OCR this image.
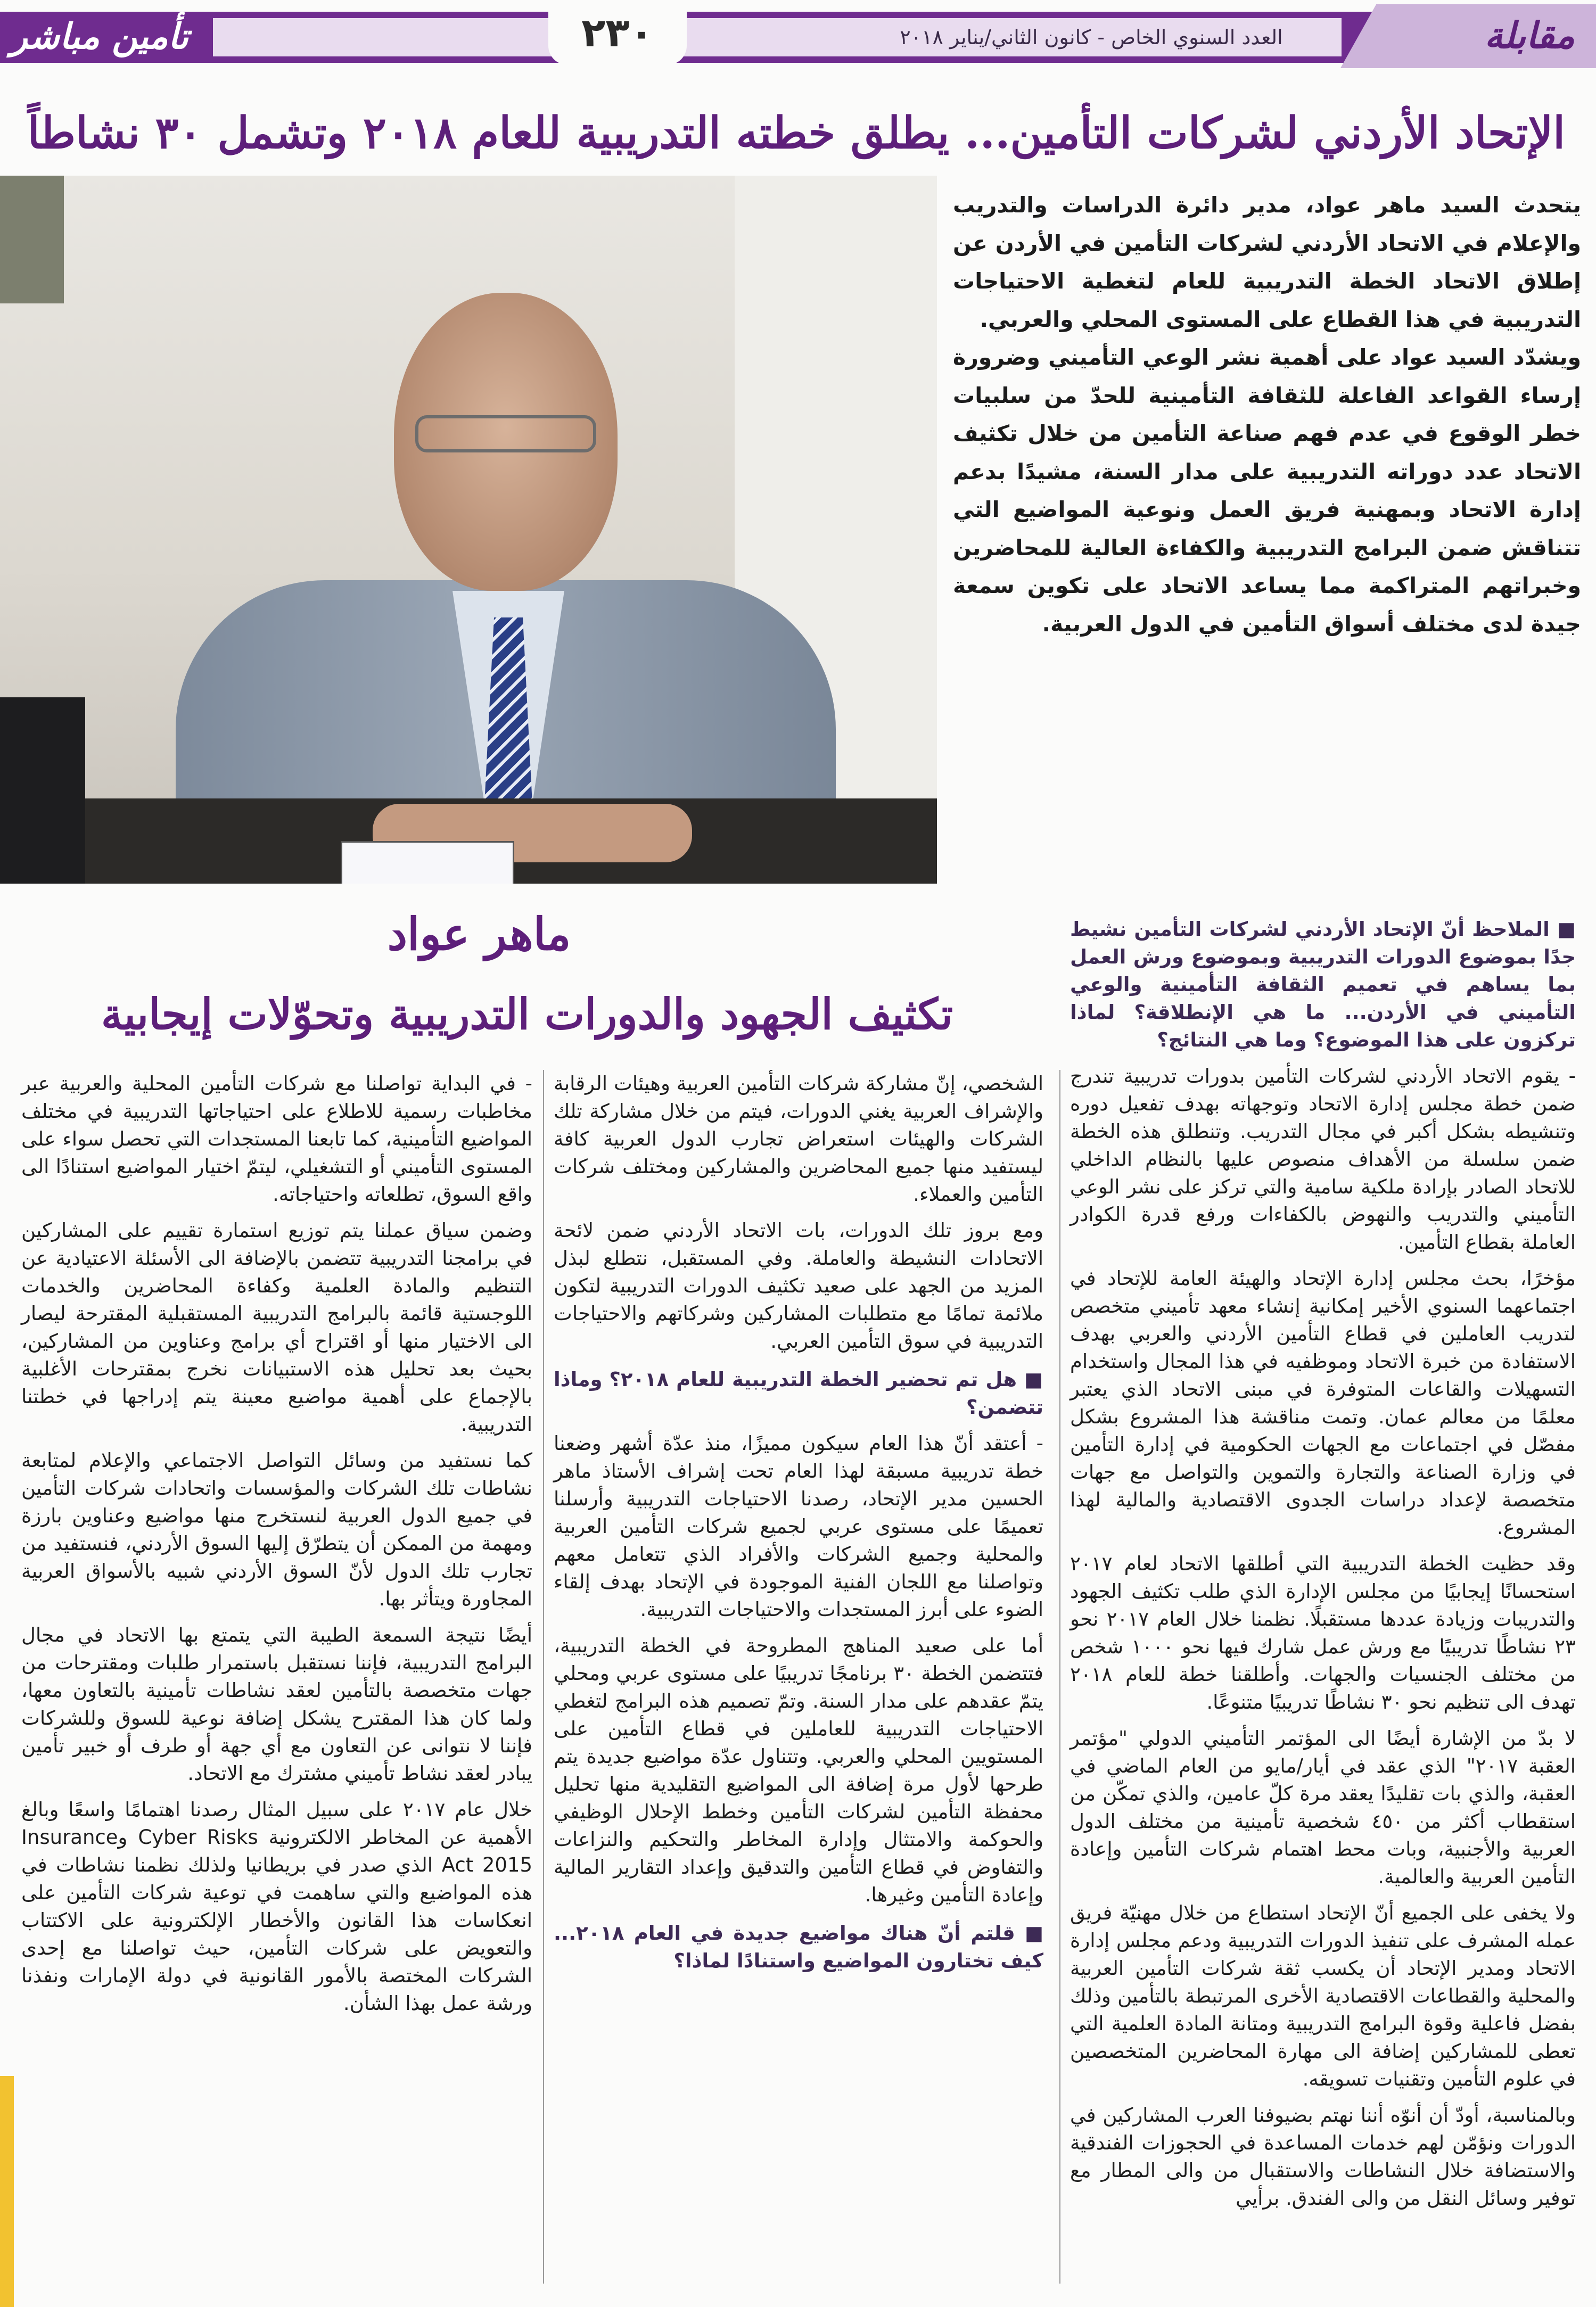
مقابلة
العدد السنوي الخاص - كانون الثاني/يناير ٢٠١٨
٢٣٠
تأمين مباشر
الإتحاد الأردني لشركات التأمين... يطلق خطته التدريبية للعام ٢٠١٨ وتشمل ٣٠ نشاطاً

يتحدث السيد ماهر عواد، مدير دائرة الدراسات والتدريب والإعلام في الاتحاد الأردني لشركات التأمين في الأردن عن إطلاق الاتحاد الخطة التدريبية للعام لتغطية الاحتياجات التدريبية في هذا القطاع على المستوى المحلي والعربي.

ويشدّد السيد عواد على أهمية نشر الوعي التأميني وضرورة إرساء القواعد الفاعلة للثقافة التأمينية للحدّ من سلبيات خطر الوقوع في عدم فهم صناعة التأمين من خلال تكثيف الاتحاد عدد دوراته التدريبية على مدار السنة، مشيدًا بدعم إدارة الاتحاد وبمهنية فريق العمل ونوعية المواضيع التي تتناقش ضمن البرامج التدريبية والكفاءة العالية للمحاضرين وخبراتهم المتراكمة مما يساعد الاتحاد على تكوين سمعة جيدة لدى مختلف أسواق التأمين في الدول العربية.

ماهر عواد
تكثيف الجهود والدورات التدريبية وتحوّلات إيجابية

■ الملاحظ أنّ الإتحاد الأردني لشركات التأمين نشيط جدًا بموضوع الدورات التدريبية وبموضوع ورش العمل بما يساهم في تعميم الثقافة التأمينية والوعي التأميني في الأردن... ما هي الإنطلاقة؟ لماذا تركزون على هذا الموضوع؟ وما هي النتائج؟

- يقوم الاتحاد الأردني لشركات التأمين بدورات تدريبية تندرج ضمن خطة مجلس إدارة الاتحاد وتوجهاته بهدف تفعيل دوره وتنشيطه بشكل أكبر في مجال التدريب. وتنطلق هذه الخطة ضمن سلسلة من الأهداف منصوص عليها بالنظام الداخلي للاتحاد الصادر بإرادة ملكية سامية والتي تركز على نشر الوعي التأميني والتدريب والنهوض بالكفاءات ورفع قدرة الكوادر العاملة بقطاع التأمين.

مؤخرًا، بحث مجلس إدارة الإتحاد والهيئة العامة للإتحاد في اجتماعهما السنوي الأخير إمكانية إنشاء معهد تأميني متخصص لتدريب العاملين في قطاع التأمين الأردني والعربي بهدف الاستفادة من خبرة الاتحاد وموظفيه في هذا المجال واستخدام التسهيلات والقاعات المتوفرة في مبنى الاتحاد الذي يعتبر معلمًا من معالم عمان. وتمت مناقشة هذا المشروع بشكل مفصّل في اجتماعات مع الجهات الحكومية في إدارة التأمين في وزارة الصناعة والتجارة والتموين والتواصل مع جهات متخصصة لإعداد دراسات الجدوى الاقتصادية والمالية لهذا المشروع.

وقد حظيت الخطة التدريبية التي أطلقها الاتحاد لعام ٢٠١٧ استحسانًا إيجابيًا من مجلس الإدارة الذي طلب تكثيف الجهود والتدريبات وزيادة عددها مستقبلًا. نظمنا خلال العام ٢٠١٧ نحو ٢٣ نشاطًا تدريبيًا مع ورش عمل شارك فيها نحو ١٠٠٠ شخص من مختلف الجنسيات والجهات. وأطلقنا خطة للعام ٢٠١٨ تهدف الى تنظيم نحو ٣٠ نشاطًا تدريبيًا متنوعًا.

لا بدّ من الإشارة أيضًا الى المؤتمر التأميني الدولي "مؤتمر العقبة ٢٠١٧" الذي عقد في أيار/مايو من العام الماضي في العقبة، والذي بات تقليدًا يعقد مرة كلّ عامين، والذي تمكّن من استقطاب أكثر من ٤٥٠ شخصية تأمينية من مختلف الدول العربية والأجنبية، وبات محط اهتمام شركات التأمين وإعادة التأمين العربية والعالمية.

ولا يخفى على الجميع أنّ الإتحاد استطاع من خلال مهنيّة فريق عمله المشرف على تنفيذ الدورات التدريبية ودعم مجلس إدارة الاتحاد ومدير الإتحاد أن يكسب ثقة شركات التأمين العربية والمحلية والقطاعات الاقتصادية الأخرى المرتبطة بالتأمين وذلك بفضل فاعلية وقوة البرامج التدريبية ومتانة المادة العلمية التي تعطى للمشاركين إضافة الى مهارة المحاضرين المتخصصين في علوم التأمين وتقنيات تسويقه.

وبالمناسبة، أودّ أن أنوّه أننا نهتم بضيوفنا العرب المشاركين في الدورات ونؤمّن لهم خدمات المساعدة في الحجوزات الفندقية والاستضافة خلال النشاطات والاستقبال من والى المطار مع توفير وسائل النقل من والى الفندق. برأيي

الشخصي، إنّ مشاركة شركات التأمين العربية وهيئات الرقابة والإشراف العربية يغني الدورات، فيتم من خلال مشاركة تلك الشركات والهيئات استعراض تجارب الدول العربية كافة ليستفيد منها جميع المحاضرين والمشاركين ومختلف شركات التأمين والعملاء.

ومع بروز تلك الدورات، بات الاتحاد الأردني ضمن لائحة الاتحادات النشيطة والعاملة. وفي المستقبل، نتطلع لبذل المزيد من الجهد على صعيد تكثيف الدورات التدريبية لتكون ملائمة تمامًا مع متطلبات المشاركين وشركاتهم والاحتياجات التدريبية في سوق التأمين العربي.

■ هل تم تحضير الخطة التدريبية للعام ٢٠١٨؟ وماذا تتضمن؟

- أعتقد أنّ هذا العام سيكون مميزًا، منذ عدّة أشهر وضعنا خطة تدريبية مسبقة لهذا العام تحت إشراف الأستاذ ماهر الحسين مدير الإتحاد، رصدنا الاحتياجات التدريبية وأرسلنا تعميمًا على مستوى عربي لجميع شركات التأمين العربية والمحلية وجميع الشركات والأفراد الذي تتعامل معهم وتواصلنا مع اللجان الفنية الموجودة في الإتحاد بهدف إلقاء الضوء على أبرز المستجدات والاحتياجات التدريبية.

أما على صعيد المناهج المطروحة في الخطة التدريبية، فتتضمن الخطة ٣٠ برنامجًا تدريبيًا على مستوى عربي ومحلي يتمّ عقدهم على مدار السنة. وتمّ تصميم هذه البرامج لتغطي الاحتياجات التدريبية للعاملين في قطاع التأمين على المستويين المحلي والعربي. وتتناول عدّة مواضيع جديدة يتم طرحها لأول مرة إضافة الى المواضيع التقليدية منها تحليل محفظة التأمين لشركات التأمين وخطط الإحلال الوظيفي والحوكمة والامتثال وإدارة المخاطر والتحكيم والنزاعات والتفاوض في قطاع التأمين والتدقيق وإعداد التقارير المالية وإعادة التأمين وغيرها.

■ قلتم أنّ هناك مواضيع جديدة في العام ٢٠١٨... كيف تختارون المواضيع واستنادًا لماذا؟

- في البداية تواصلنا مع شركات التأمين المحلية والعربية عبر مخاطبات رسمية للاطلاع على احتياجاتها التدريبية في مختلف المواضيع التأمينية، كما تابعنا المستجدات التي تحصل سواء على المستوى التأميني أو التشغيلي، ليتمّ اختيار المواضيع استنادًا الى واقع السوق، تطلعاته واحتياجاته.

وضمن سياق عملنا يتم توزيع استمارة تقييم على المشاركين في برامجنا التدريبية تتضمن بالإضافة الى الأسئلة الاعتيادية عن التنظيم والمادة العلمية وكفاءة المحاضرين والخدمات اللوجستية قائمة بالبرامج التدريبية المستقبلية المقترحة ليصار الى الاختيار منها أو اقتراح أي برامج وعناوين من المشاركين، بحيث بعد تحليل هذه الاستبيانات نخرج بمقترحات الأغلبية بالإجماع على أهمية مواضيع معينة يتم إدراجها في خطتنا التدريبية.

كما نستفيد من وسائل التواصل الاجتماعي والإعلام لمتابعة نشاطات تلك الشركات والمؤسسات واتحادات شركات التأمين في جميع الدول العربية لنستخرج منها مواضيع وعناوين بارزة ومهمة من الممكن أن يتطرّق إليها السوق الأردني، فنستفيد من تجارب تلك الدول لأنّ السوق الأردني شبيه بالأسواق العربية المجاورة ويتأثر بها.

أيضًا نتيجة السمعة الطيبة التي يتمتع بها الاتحاد في مجال البرامج التدريبية، فإننا نستقبل باستمرار طلبات ومقترحات من جهات متخصصة بالتأمين لعقد نشاطات تأمينية بالتعاون معها، ولما كان هذا المقترح يشكل إضافة نوعية للسوق وللشركات فإننا لا نتوانى عن التعاون مع أي جهة أو طرف أو خبير تأمين يبادر لعقد نشاط تأميني مشترك مع الاتحاد.

خلال عام ٢٠١٧ على سبيل المثال رصدنا اهتمامًا واسعًا وبالغ الأهمية عن المخاطر الالكترونية Cyber Risks وInsurance Act 2015 الذي صدر في بريطانيا ولذلك نظمنا نشاطات في هذه المواضيع والتي ساهمت في توعية شركات التأمين على انعكاسات هذا القانون والأخطار الإلكترونية على الاكتتاب والتعويض على شركات التأمين، حيث تواصلنا مع إحدى الشركات المختصة بالأمور القانونية في دولة الإمارات ونفذنا ورشة عمل بهذا الشأن.
